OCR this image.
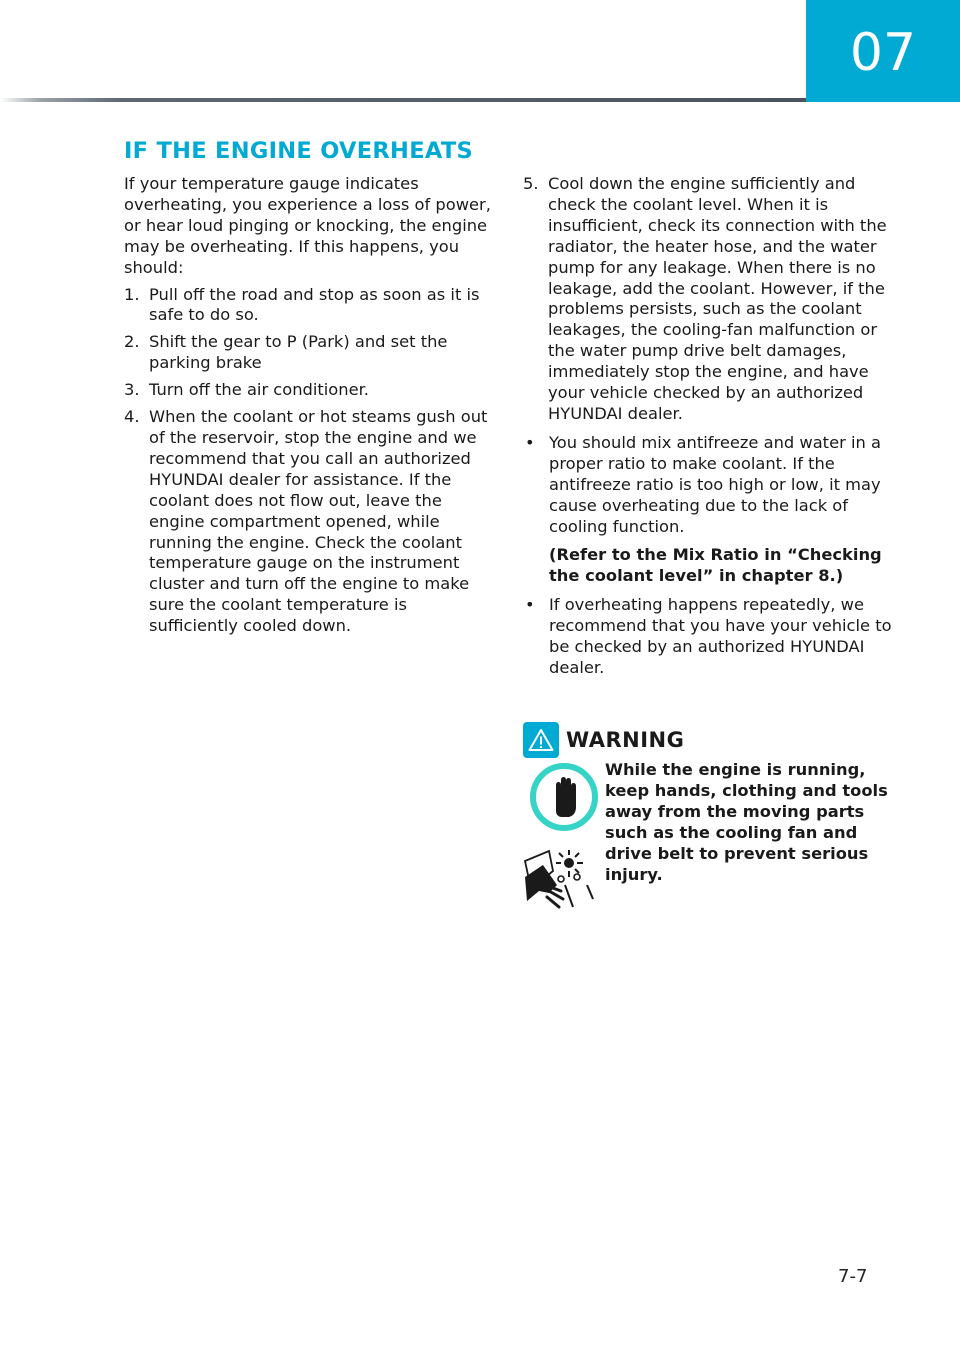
07
IF THE ENGINE OVERHEATS

If your temperature gauge indicates overheating, you experience a loss of power, or hear loud pinging or knocking, the engine may be overheating. If this happens, you should:

1. Pull off the road and stop as soon as it is safe to do so.
2. Shift the gear to P (Park) and set the parking brake
3. Turn off the air conditioner.
4. When the coolant or hot steams gush out of the reservoir, stop the engine and we recommend that you call an authorized HYUNDAI dealer for assistance. If the coolant does not flow out, leave the engine compartment opened, while running the engine. Check the coolant temperature gauge on the instrument cluster and turn off the engine to make sure the coolant temperature is sufficiently cooled down.
5. Cool down the engine sufficiently and check the coolant level. When it is insufficient, check its connection with the radiator, the heater hose, and the water pump for any leakage. When there is no leakage, add the coolant. However, if the problems persists, such as the coolant leakages, the cooling-fan malfunction or the water pump drive belt damages, immediately stop the engine, and have your vehicle checked by an authorized HYUNDAI dealer.
• You should mix antifreeze and water in a proper ratio to make coolant. If the antifreeze ratio is too high or low, it may cause overheating due to the lack of cooling function.
(Refer to the Mix Ratio in “Checking the coolant level” in chapter 8.)
• If overheating happens repeatedly, we recommend that you have your vehicle to be checked by an authorized HYUNDAI dealer.
WARNING

While the engine is running, keep hands, clothing and tools away from the moving parts such as the cooling fan and drive belt to prevent serious injury.
7-7
